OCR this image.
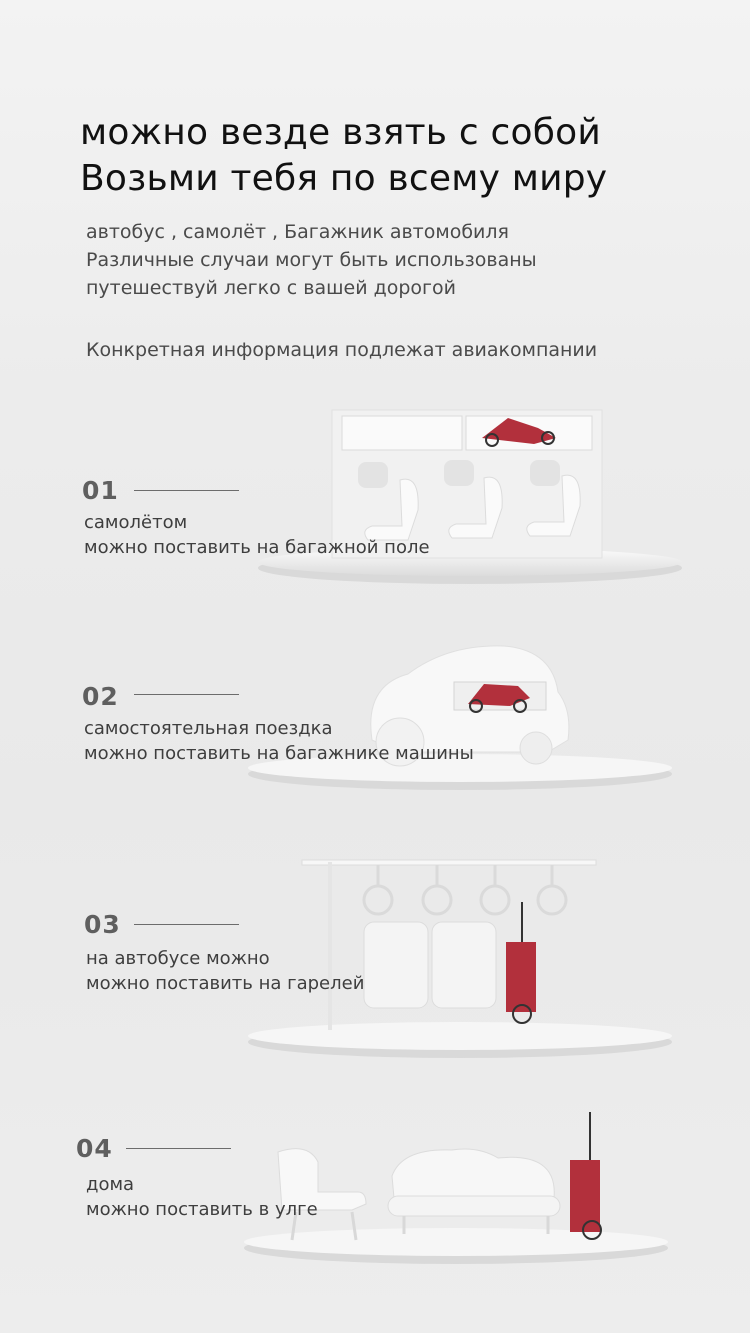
можно везде взять с собой
Возьми тебя по всему миру
автобус , самолёт , Багажник автомобиля
Различные случаи могут быть использованы
путешествуй легко с вашей дорогой
Конкретная информация подлежат авиакомпании
01
самолётом
можно поставить на багажной поле
02
самостоятельная поездка
можно поставить на багажнике машины
03
на автобусе можно
можно поставить на гарелей
04
дома
можно поставить в улге
